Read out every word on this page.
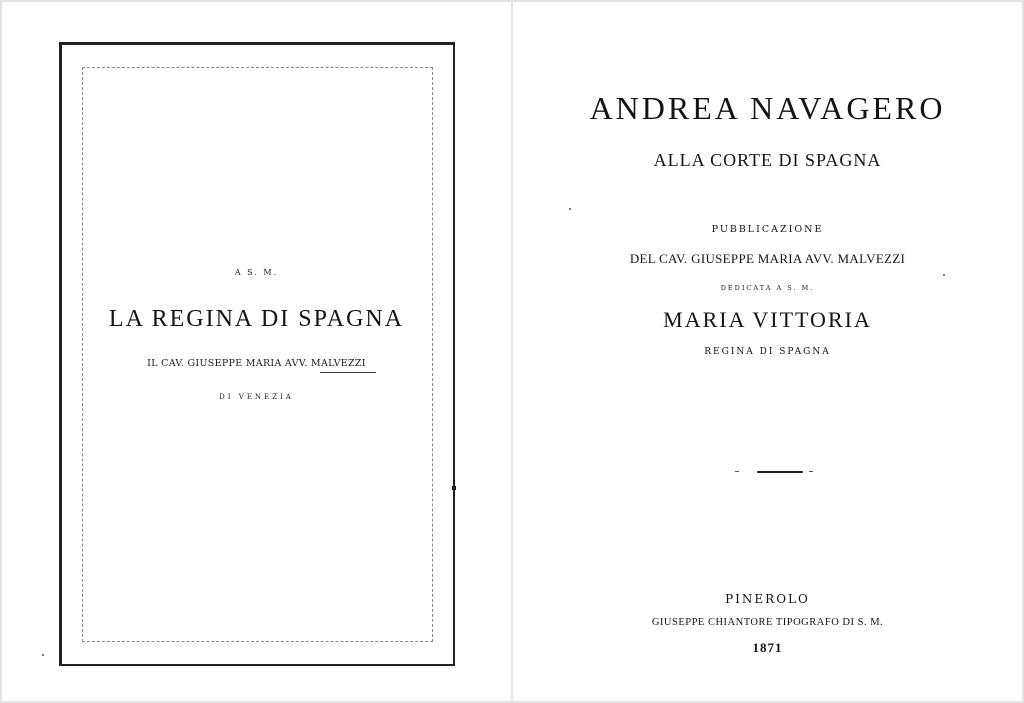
A S. M.
LA REGINA DI SPAGNA
IL CAV. GIUSEPPE MARIA AVV. MALVEZZI
DI VENEZIA
ANDREA NAVAGERO
ALLA CORTE DI SPAGNA
PUBBLICAZIONE
DEL CAV. GIUSEPPE MARIA AVV. MALVEZZI
DEDICATA A S. M.
MARIA VITTORIA
REGINA DI SPAGNA
PINEROLO
GIUSEPPE CHIANTORE TIPOGRAFO DI S. M.
1871
